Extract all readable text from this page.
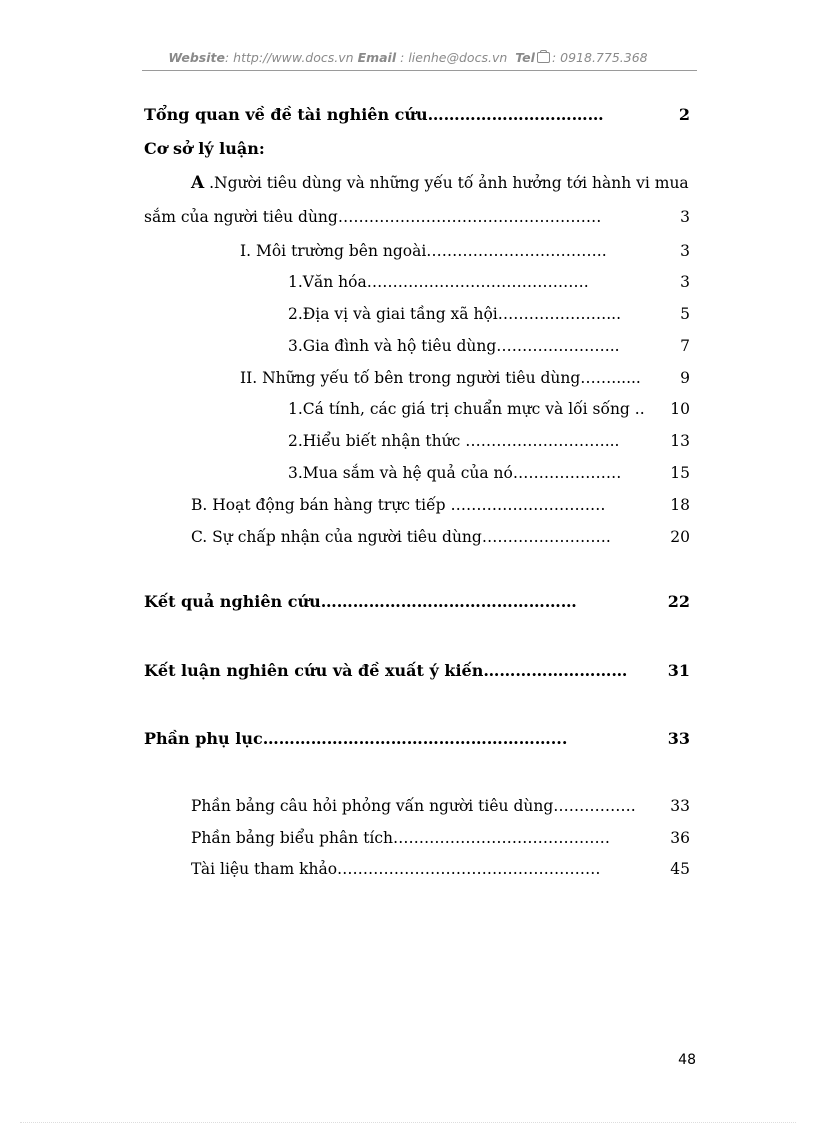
Website: http://www.docs.vn Email : lienhe@docs.vn Tel : 0918.775.368
Tổng quan về đề tài nghiên cứu……………………………	2
Cơ sở lý luận:
A .Người tiêu dùng và những yếu tố ảnh hưởng tới hành vi mua
sắm của người tiêu dùng……………………………………………	3
I. Môi trường bên ngoài……………………………..	3
1.Văn hóa…………………………………….	3
2.Địa vị và giai tầng xã hội…………………...	5
3.Gia đình và hộ tiêu dùng…………………...	7
II. Những yếu tố bên trong người tiêu dùng……......	9
1.Cá tính, các giá trị chuẩn mực và lối sống .. 10
2.Hiểu biết nhận thức ………………………...	13
3.Mua sắm và hệ quả của nó…………………	15
B. Hoạt động bán hàng trực tiếp …………………………	18
C. Sự chấp nhận của người tiêu dùng…………………….	20
Kết quả nghiên cứu…………………………………………	22
Kết luận nghiên cứu và đề xuất ý kiến………………………	31
Phần phụ lục………………………………………………...	33
Phần bảng câu hỏi phỏng vấn người tiêu dùng……………. 33
Phần bảng biểu phân tích……………………………………	36
Tài liệu tham khảo……………………………………………	45
48
